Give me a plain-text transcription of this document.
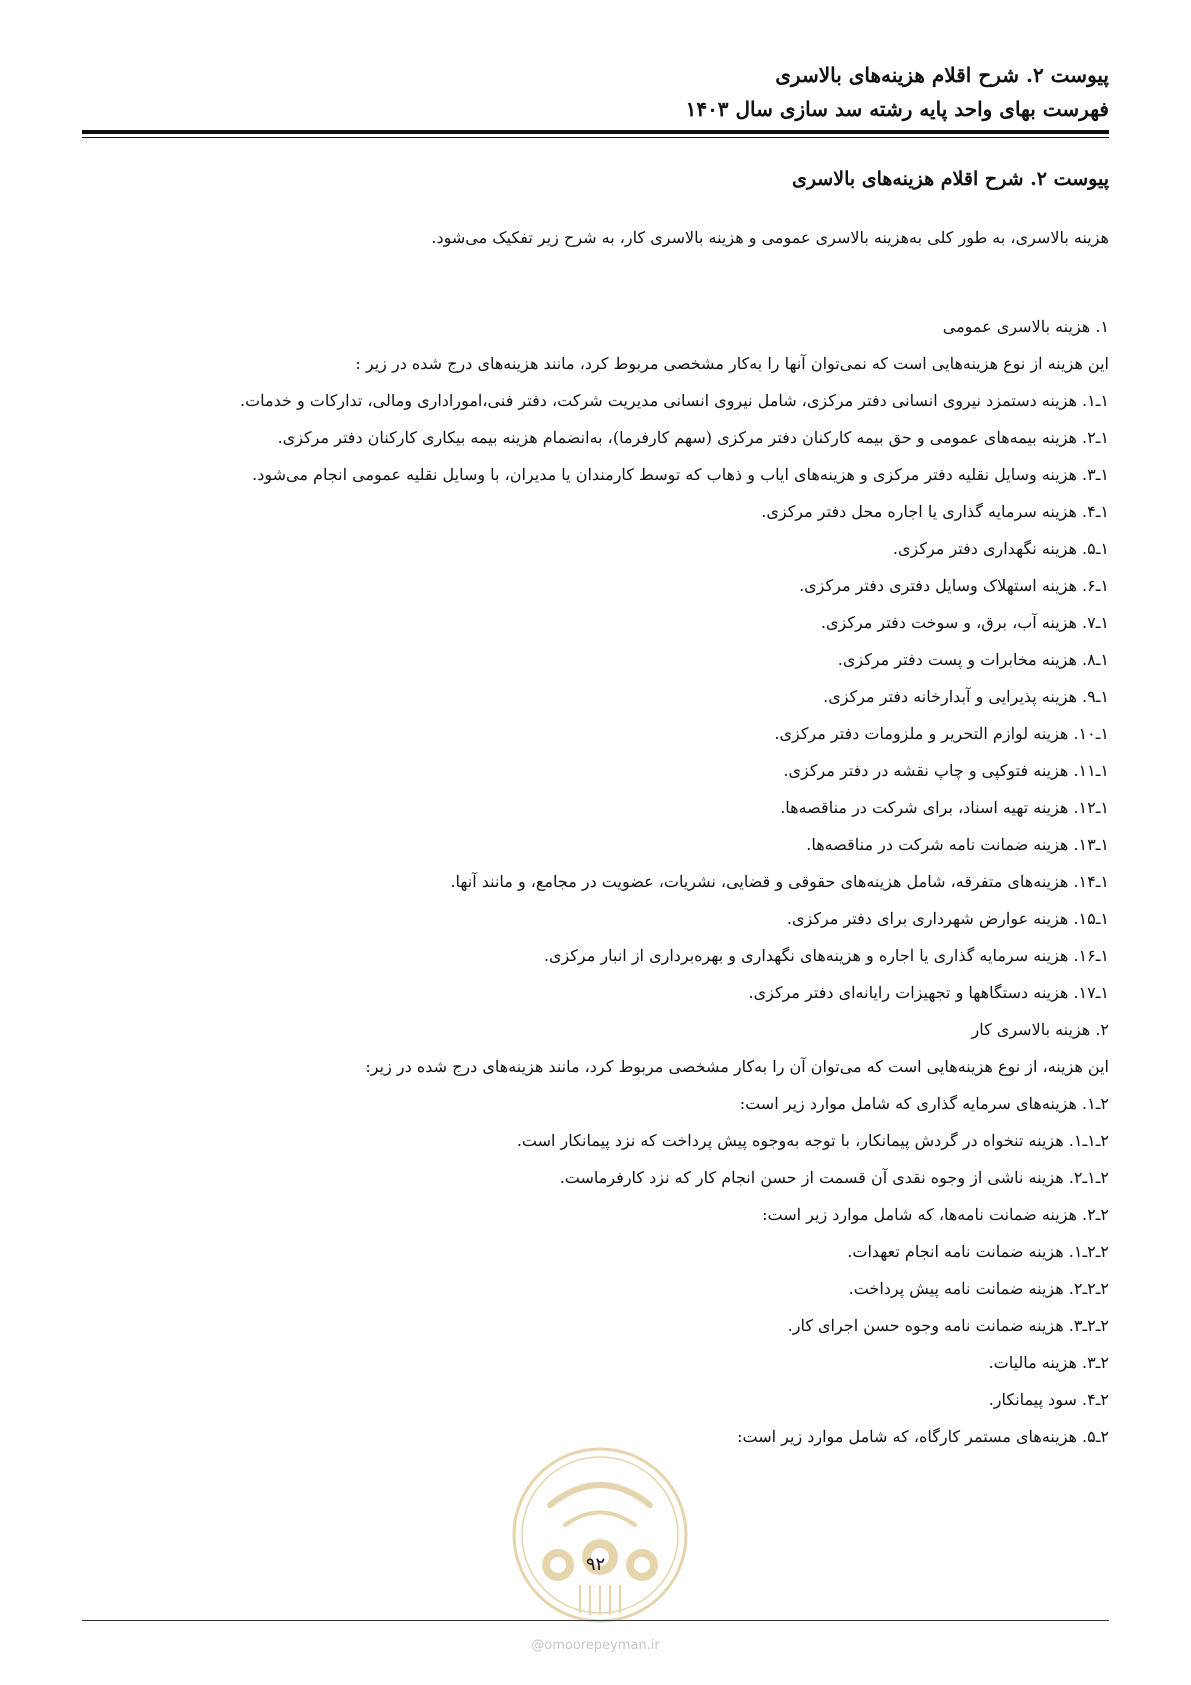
پیوست ۲. شرح اقلام هزینه‌های بالاسری
فهرست بهای واحد پایه رشته سد سازی سال ۱۴۰۳
پیوست ۲. شرح اقلام هزینه‌های بالاسری
هزینه بالاسری، به طور کلی به‌هزینه بالاسری عمومی و هزینه بالاسری کار، به شرح زیر تفکیک می‌شود.
۱. هزینه بالاسری عمومی
این هزینه از نوع هزینه‌هایی است که نمی‌توان آنها را به‌کار مشخصی مربوط کرد، مانند هزینه‌های درج شده در زیر :
۱ـ۱. هزینه دستمزد نیروی انسانی دفتر مرکزی، شامل نیروی انسانی مدیریت شرکت، دفتر فنی،اموراداری ومالی، تدارکات و خدمات.
۱ـ۲. هزینه بیمه‌های عمومی و حق بیمه کارکنان دفتر مرکزی (سهم کارفرما)، به‌انضمام هزینه بیمه بیکاری کارکنان دفتر مرکزی.
۱ـ۳. هزینه وسایل نقلیه دفتر مرکزی و هزینه‌های ایاب و ذهاب که توسط کارمندان یا مدیران، با وسایل نقلیه عمومی انجام می‌شود.
۱ـ۴. هزینه سرمایه گذاری یا اجاره محل دفتر مرکزی.
۱ـ۵. هزینه نگهداری دفتر مرکزی.
۱ـ۶. هزینه استهلاک وسایل دفتری دفتر مرکزی.
۱ـ۷. هزینه آب، برق، و سوخت دفتر مرکزی.
۱ـ۸. هزینه مخابرات و پست دفتر مرکزی.
۱ـ۹. هزینه پذیرایی و آبدارخانه دفتر مرکزی.
۱ـ۱۰. هزینه لوازم التحریر و ملزومات دفتر مرکزی.
۱ـ۱۱. هزینه فتوکپی و چاپ نقشه در دفتر مرکزی.
۱ـ۱۲. هزینه تهیه اسناد، برای شرکت در مناقصه‌ها.
۱ـ۱۳. هزینه ضمانت نامه شرکت در مناقصه‌ها.
۱ـ۱۴. هزینه‌های متفرقه، شامل هزینه‌های حقوقی و قضایی، نشریات، عضویت در مجامع، و مانند آنها.
۱ـ۱۵. هزینه عوارض شهرداری برای دفتر مرکزی.
۱ـ۱۶. هزینه سرمایه گذاری یا اجاره و هزینه‌های نگهداری و بهره‌برداری از انبار مرکزی.
۱ـ۱۷. هزینه دستگاهها و تجهیزات رایانه‌ای دفتر مرکزی.
۲. هزینه بالاسری کار
این هزینه، از نوع هزینه‌هایی است که می‌توان آن را به‌کار مشخصی مربوط کرد، مانند هزینه‌های درج شده در زیر:
۲ـ۱. هزینه‌های سرمایه گذاری که شامل موارد زیر است:
۲ـ۱ـ۱. هزینه تنخواه در گردش پیمانکار، با توجه به‌وجوه پیش پرداخت که نزد پیمانکار است.
۲ـ۱ـ۲. هزینه ناشی از وجوه نقدی آن قسمت از حسن انجام کار که نزد کارفرماست.
۲ـ۲. هزینه ضمانت نامه‌ها، که شامل موارد زیر است:
۲ـ۲ـ۱. هزینه ضمانت نامه انجام تعهدات.
۲ـ۲ـ۲. هزینه ضمانت نامه پیش پرداخت.
۲ـ۲ـ۳. هزینه ضمانت نامه وجوه حسن اجرای کار.
۲ـ۳. هزینه مالیات.
۲ـ۴. سود پیمانکار.
۲ـ۵. هزینه‌های مستمر کارگاه، که شامل موارد زیر است:
۹۲
@omoorepeyman.ir
